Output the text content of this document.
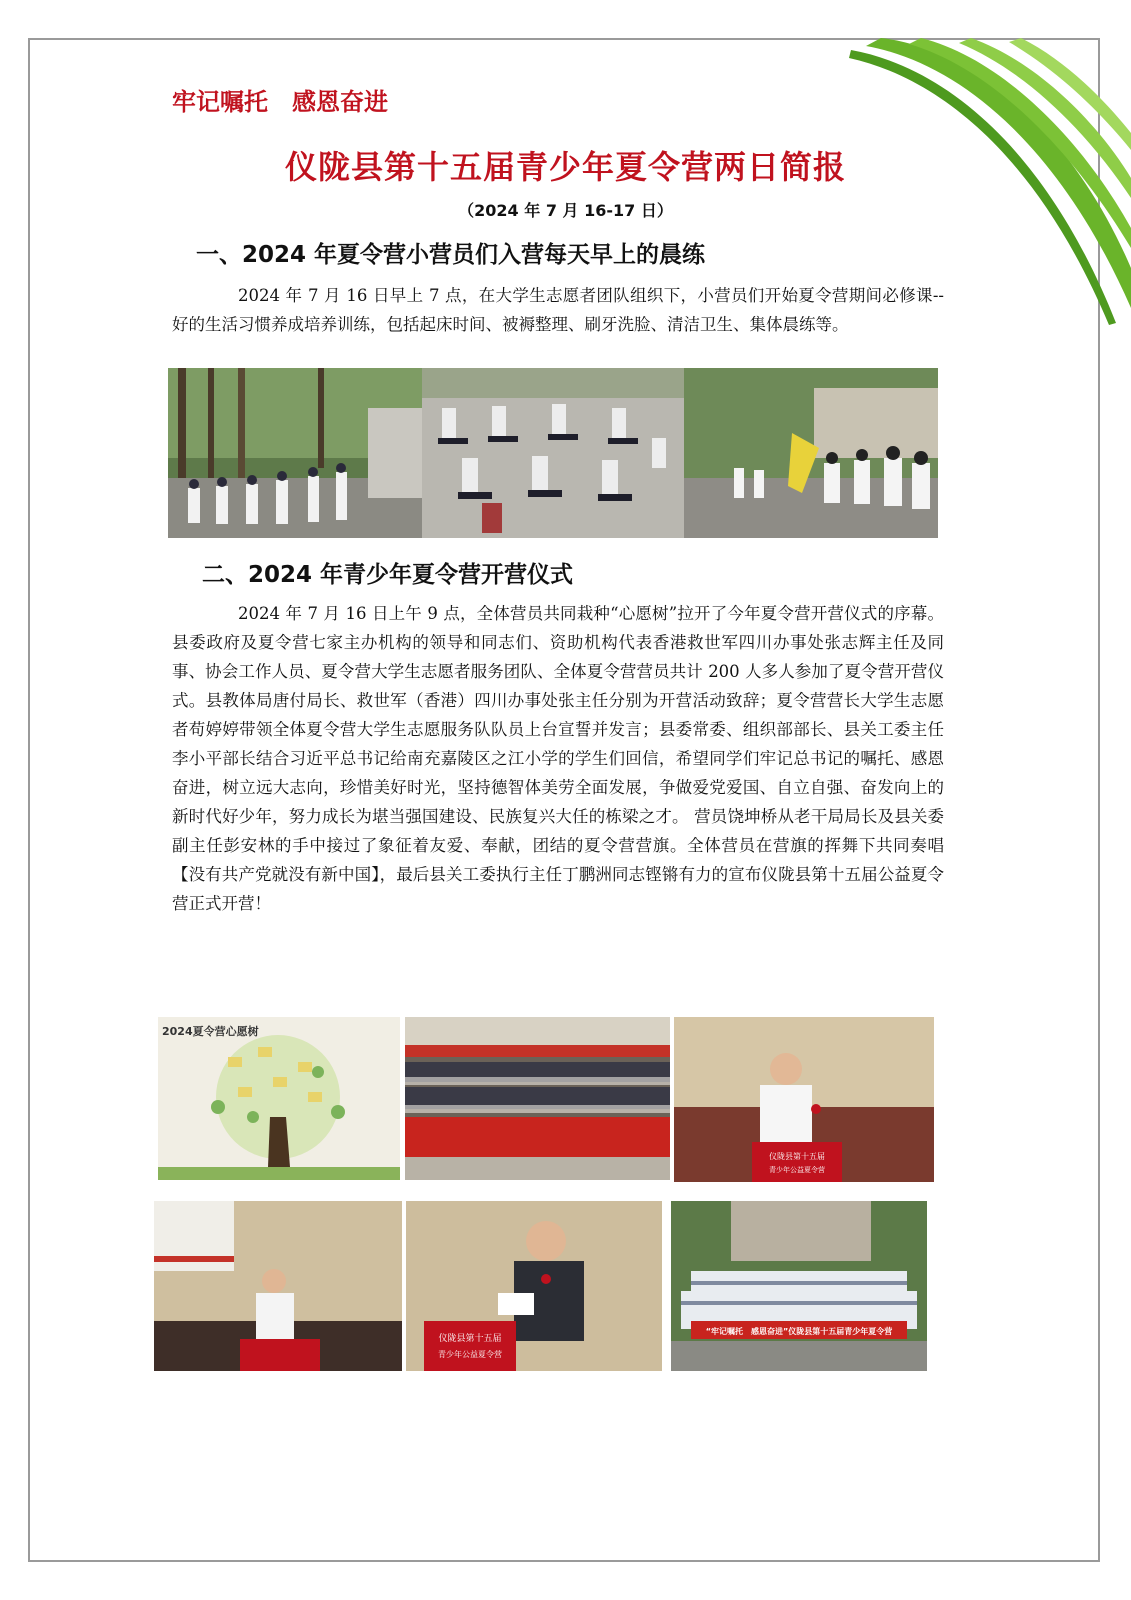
牢记嘱托　感恩奋进
仪陇县第十五届青少年夏令营两日简报
（2024 年 7 月 16-17 日）
一、2024 年夏令营小营员们入营每天早上的晨练

2024 年 7 月 16 日早上 7 点，在大学生志愿者团队组织下，小营员们开始夏令营期间必修课--好的生活习惯养成培养训练，包括起床时间、被褥整理、刷牙洗脸、清洁卫生、集体晨练等。

二、2024 年青少年夏令营开营仪式

2024 年 7 月 16 日上午 9 点，全体营员共同栽种“心愿树”拉开了今年夏令营开营仪式的序幕。县委政府及夏令营七家主办机构的领导和同志们、资助机构代表香港救世军四川办事处张志辉主任及同事、协会工作人员、夏令营大学生志愿者服务团队、全体夏令营营员共计 200 人多人参加了夏令营开营仪式。县教体局唐付局长、救世军（香港）四川办事处张主任分别为开营活动致辞；夏令营营长大学生志愿者苟婷婷带领全体夏令营大学生志愿服务队队员上台宣誓并发言；县委常委、组织部部长、县关工委主任李小平部长结合习近平总书记给南充嘉陵区之江小学的学生们回信，希望同学们牢记总书记的嘱托、感恩奋进，树立远大志向，珍惜美好时光，坚持德智体美劳全面发展，争做爱党爱国、自立自强、奋发向上的新时代好少年，努力成长为堪当强国建设、民族复兴大任的栋梁之才。 营员饶坤桥从老干局局长及县关委副主任彭安林的手中接过了象征着友爱、奉献，团结的夏令营营旗。全体营员在营旗的挥舞下共同奏唱【没有共产党就没有新中国】，最后县关工委执行主任丁鹏洲同志铿锵有力的宣布仪陇县第十五届公益夏令营正式开营！

2024夏令营心愿树
仪陇县第十五届
青少年公益夏令营
仪陇县第十五届
青少年公益夏令营
“牢记嘱托　感恩奋进”仪陇县第十五届青少年夏令营
